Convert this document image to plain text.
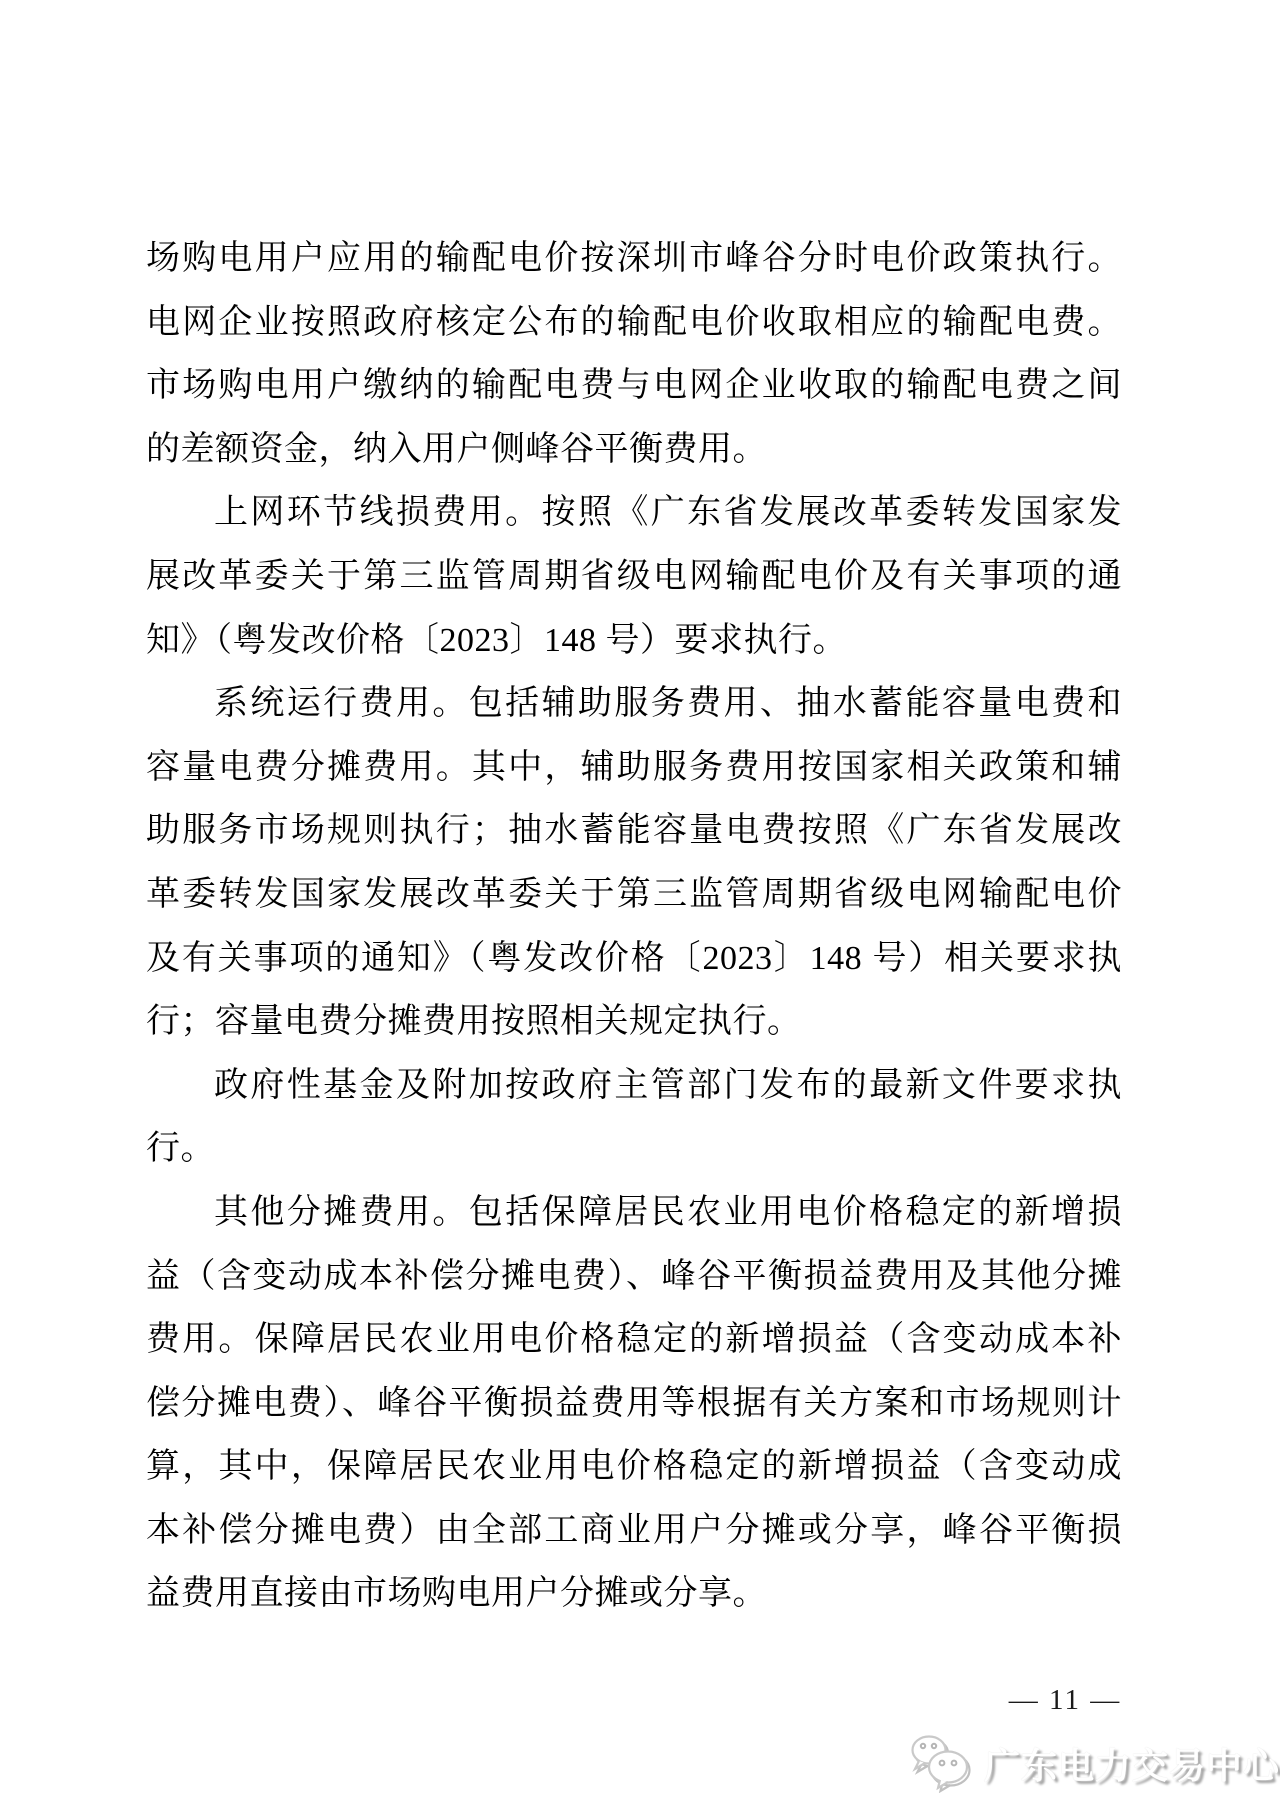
场购电用户应用的输配电价按深圳市峰谷分时电价政策执行。
电网企业按照政府核定公布的输配电价收取相应的输配电费。
市场购电用户缴纳的输配电费与电网企业收取的输配电费之间
的差额资金，纳入用户侧峰谷平衡费用。
上网环节线损费用。按照《广东省发展改革委转发国家发
展改革委关于第三监管周期省级电网输配电价及有关事项的通
知》（粤发改价格〔2023〕148 号）要求执行。
系统运行费用。包括辅助服务费用、抽水蓄能容量电费和
容量电费分摊费用。其中，辅助服务费用按国家相关政策和辅
助服务市场规则执行；抽水蓄能容量电费按照《广东省发展改
革委转发国家发展改革委关于第三监管周期省级电网输配电价
及有关事项的通知》（粤发改价格〔2023〕148 号）相关要求执
行；容量电费分摊费用按照相关规定执行。
政府性基金及附加按政府主管部门发布的最新文件要求执
行。
其他分摊费用。包括保障居民农业用电价格稳定的新增损
益（含变动成本补偿分摊电费）、峰谷平衡损益费用及其他分摊
费用。保障居民农业用电价格稳定的新增损益（含变动成本补
偿分摊电费）、峰谷平衡损益费用等根据有关方案和市场规则计
算，其中，保障居民农业用电价格稳定的新增损益（含变动成
本补偿分摊电费）由全部工商业用户分摊或分享，峰谷平衡损
益费用直接由市场购电用户分摊或分享。
— 11 —
广东电力交易中心
